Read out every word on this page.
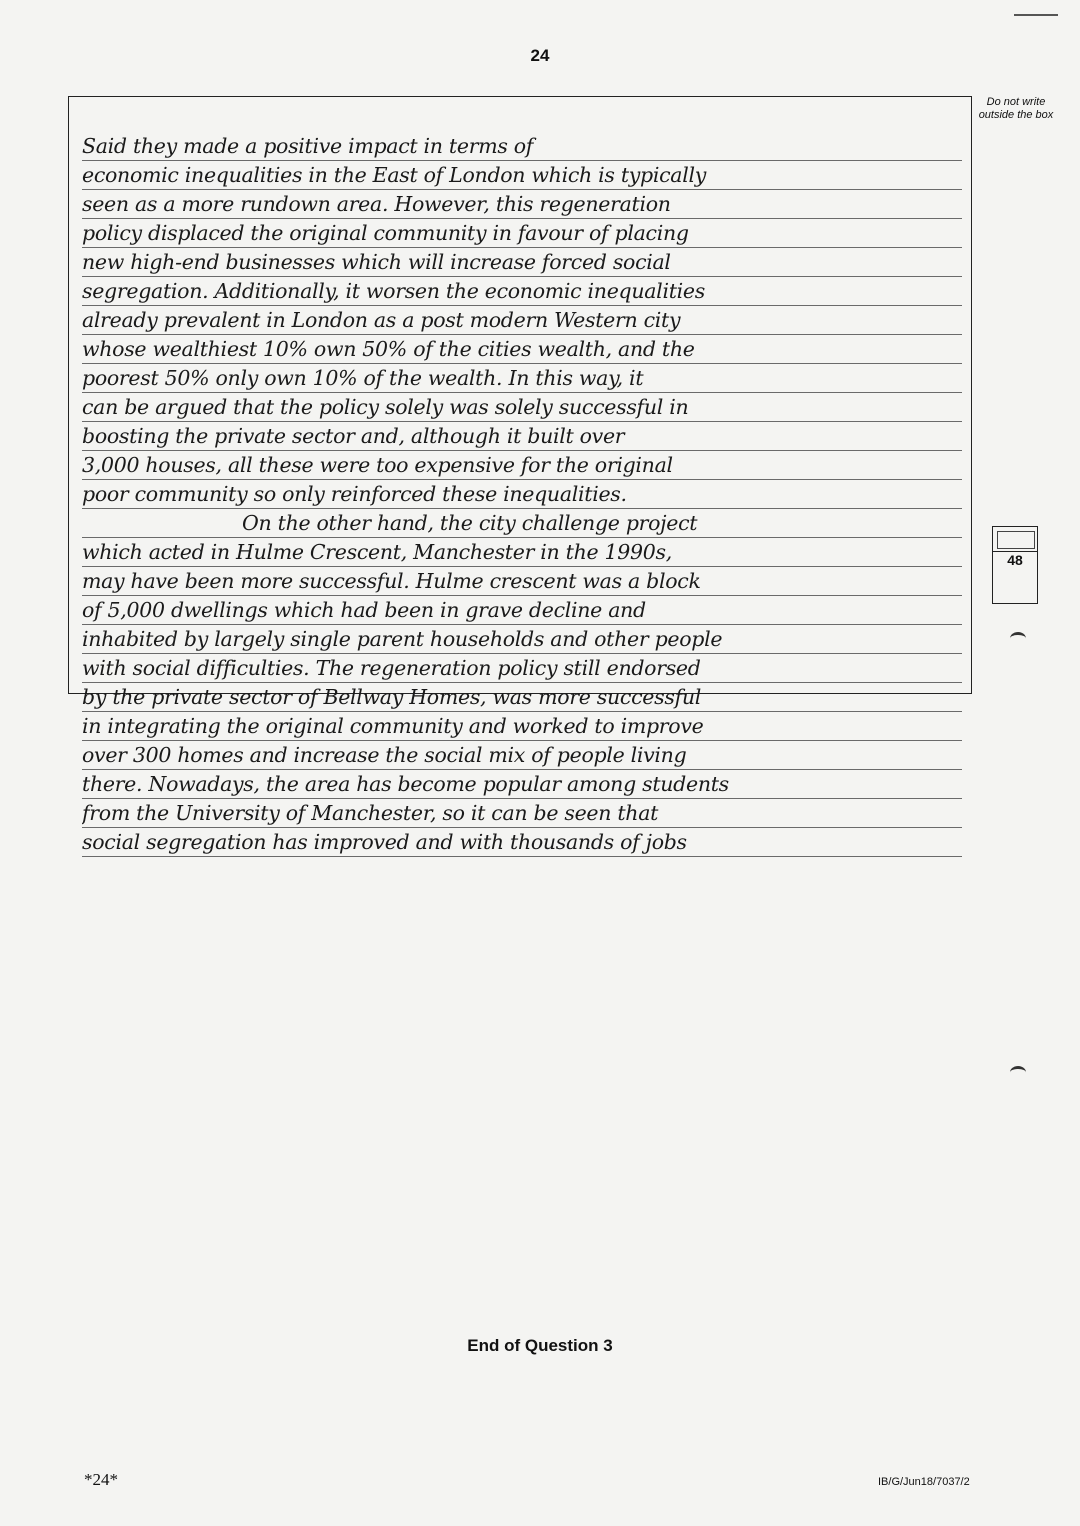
24
Do not write outside the box
Said they made a positive impact in terms of
economic inequalities in the East of London which is typically
seen as a more rundown area. However, this regeneration
policy displaced the original community in favour of placing
new high-end businesses which will increase forced social
segregation. Additionally, it worsen the economic inequalities
already prevalent in London as a post modern Western city
whose wealthiest 10% own 50% of the cities wealth, and the
poorest 50% only own 10% of the wealth. In this way, it
can be argued that the policy solely was solely successful in
boosting the private sector and, although it built over
3,000 houses, all these were too expensive for the original
poor community so only reinforced these inequalities.
On the other hand, the city challenge project
which acted in Hulme Crescent, Manchester in the 1990s,
may have been more successful. Hulme crescent was a block
of 5,000 dwellings which had been in grave decline and
inhabited by largely single parent households and other people
with social difficulties. The regeneration policy still endorsed
by the private sector of Bellway Homes, was more successful
in integrating the original community and worked to improve
over 300 homes and increase the social mix of people living
there. Nowadays, the area has become popular among students
from the University of Manchester, so it can be seen that
social segregation has improved and with thousands of jobs
48
End of Question 3
*24*	IB/G/Jun18/7037/2
